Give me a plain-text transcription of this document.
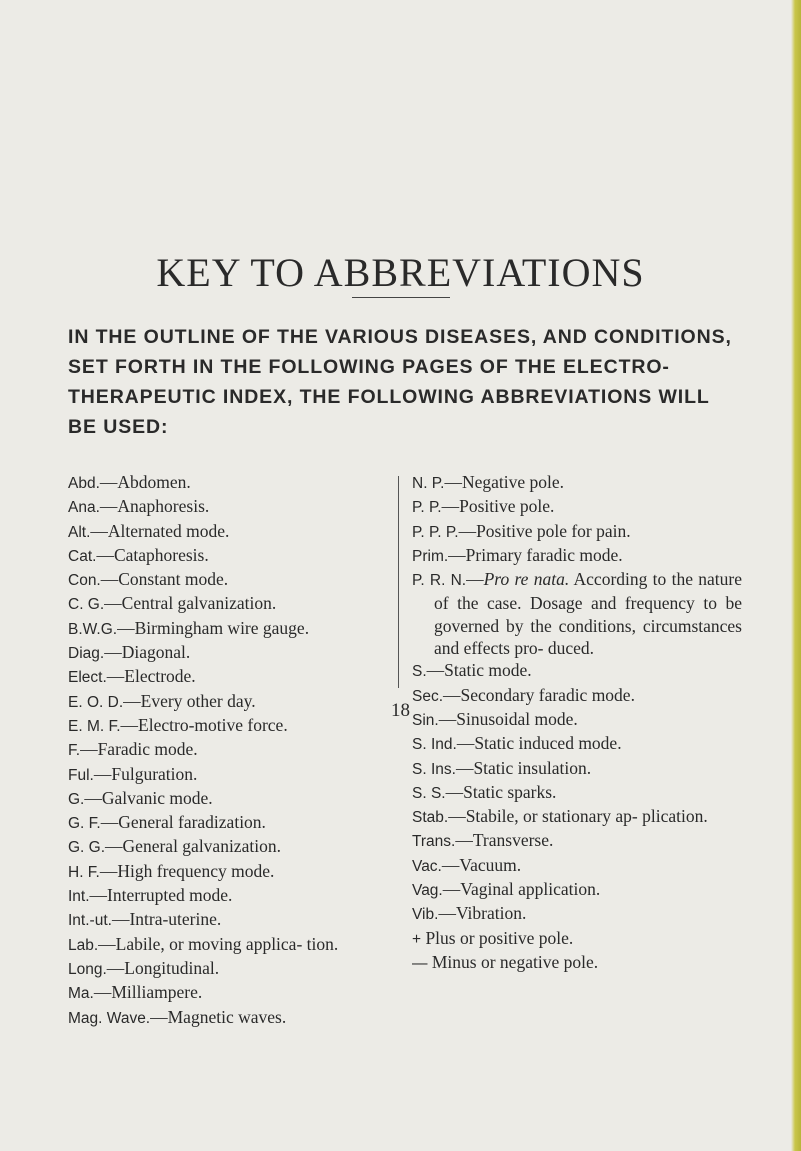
KEY TO ABBREVIATIONS
IN THE OUTLINE OF THE VARIOUS DISEASES, AND CONDITIONS, SET FORTH IN THE FOLLOWING PAGES OF THE ELECTRO-THERAPEUTIC INDEX, THE FOLLOWING ABBREVIATIONS WILL BE USED:
Abd.—Abdomen.
Ana.—Anaphoresis.
Alt.—Alternated mode.
Cat.—Cataphoresis.
Con.—Constant mode.
C. G.—Central galvanization.
B.W.G.—Birmingham wire gauge.
Diag.—Diagonal.
Elect.—Electrode.
E. O. D.—Every other day.
E. M. F.—Electro-motive force.
F.—Faradic mode.
Ful.—Fulguration.
G.—Galvanic mode.
G. F.—General faradization.
G. G.—General galvanization.
H. F.—High frequency mode.
Int.—Interrupted mode.
Int.-ut.—Intra-uterine.
Lab.—Labile, or moving applica- tion.
Long.—Longitudinal.
Ma.—Milliampere.
Mag. Wave.—Magnetic waves.
N. P.—Negative pole.
P. P.—Positive pole.
P. P. P.—Positive pole for pain.
Prim.—Primary faradic mode.
P. R. N.—Pro re nata. According to the nature of the case. Dosage and frequency to be governed by the conditions, circumstances and effects pro- duced.
S.—Static mode.
Sec.—Secondary faradic mode.
Sin.—Sinusoidal mode.
S. Ind.—Static induced mode.
S. Ins.—Static insulation.
S. S.—Static sparks.
Stab.—Stabile, or stationary ap- plication.
Trans.—Transverse.
Vac.—Vacuum.
Vag.—Vaginal application.
Vib.—Vibration.
+ Plus or positive pole.
— Minus or negative pole.
18
